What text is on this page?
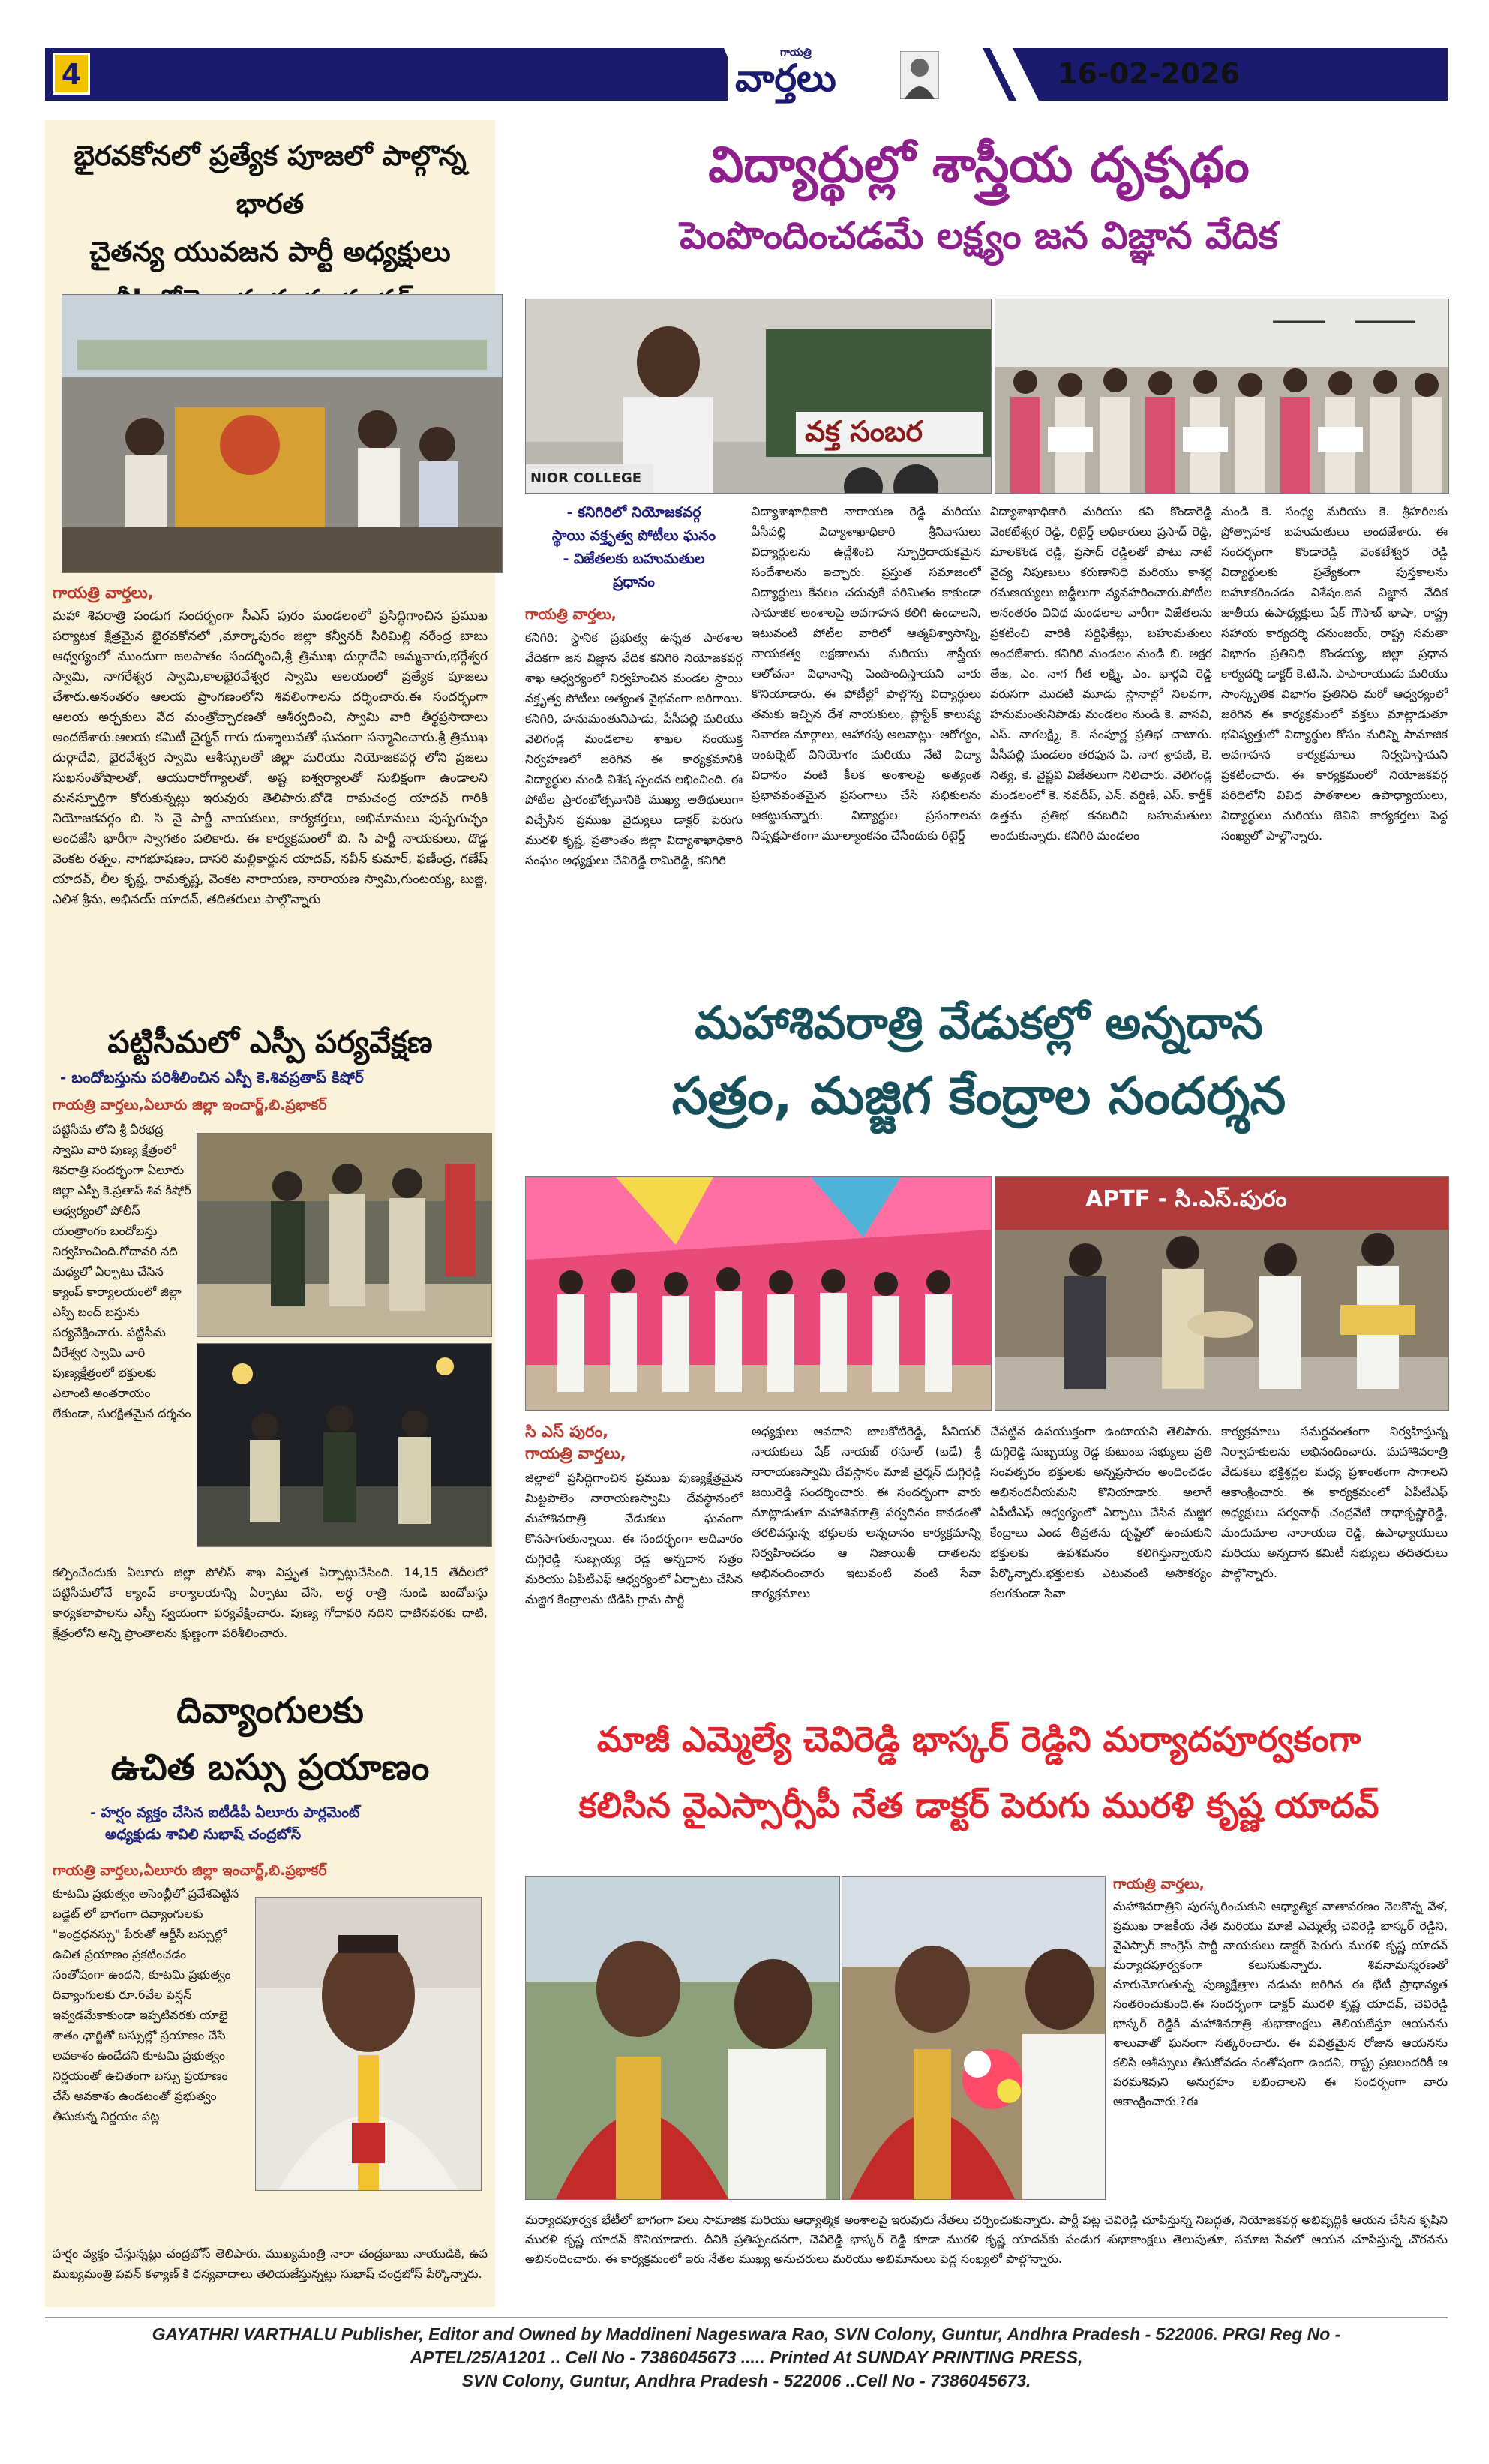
4
గాయత్రి
వార్తలు	16-02-2026
భైరవకోనలో ప్రత్యేక పూజలో పాల్గొన్న భారత
చైతన్య యువజన పార్టీ అధ్యక్షులు
గాయత్రి వార్తలు,
మహా శివరాత్రి పండుగ సందర్భంగా సీఎస్ పురం మండలంలో ప్రసిద్ధిగాంచిన ప్రముఖ పర్యాటక క్షేత్రమైన భైరవకోనలో ,మార్కాపురం జిల్లా కన్వీనర్ సిరిమిల్లి నరేంద్ర బాబు ఆధ్వర్యంలో ముందుగా జలపాతం సందర్శించి,శ్రీ త్రిముఖ దుర్గాదేవి అమ్మవారు,భర్గేశ్వర స్వామి, నాగరేశ్వర స్వామి,కాలభైరవేశ్వర స్వామి ఆలయంలో ప్రత్యేక పూజలు చేశారు.అనంతరం ఆలయ ప్రాంగణంలోని శివలింగాలను దర్శించారు.ఈ సందర్భంగా ఆలయ అర్చకులు వేద మంత్రోచ్చారణతో ఆశీర్వదించి, స్వామి వారి తీర్థప్రసాదాలు అందజేశారు.ఆలయ కమిటీ చైర్మన్ గారు దుశ్శాలువతో ఘనంగా సన్మానించారు.శ్రీ త్రిముఖ దుర్గాదేవి, భైరవేశ్వర స్వామి ఆశీస్సులతో జిల్లా మరియు నియోజకవర్గ లోని ప్రజలు సుఖసంతోషాలతో, ఆయురారోగ్యాలతో, అష్ట ఐశ్వర్యాలతో సుభిక్షంగా ఉండాలని మనస్ఫూర్తిగా కోరుకున్నట్లు ఇరువురు తెలిపారు.బోడె రామచంద్ర యాదవ్ గారికి నియోజకవర్గం బి. సి నై పార్టీ నాయకులు, కార్యకర్తలు, అభిమానులు పుష్పగుచ్ఛం అందజేసి భారీగా స్వాగతం పలికారు. ఈ కార్యక్రమంలో బి. సి పార్టీ నాయకులు, దొడ్డ వెంకట రత్నం, నాగభూషణం, దాసరి మల్లికార్జున యాదవ్, నవీన్ కుమార్, ఫణీంద్ర, గణేష్ యాదవ్, లీల కృష్ణ, రామకృష్ణ, వెంకట నారాయణ, నారాయణ స్వామి,గుంటయ్య, బుజ్జి, ఎలిశ శ్రీను, అభినయ్ యాదవ్, తదితరులు పాల్గొన్నారు
పట్టిసీమలో ఎస్పీ పర్యవేక్షణ
- బందోబస్తును పరిశీలించిన ఎస్పీ కె.శివప్రతాప్ కిషోర్
గాయత్రి వార్తలు,ఏలూరు జిల్లా ఇంచార్జ్,బి.ప్రభాకర్
పట్టిసీమ లోని శ్రీ వీరభద్ర స్వామి వారి పుణ్య క్షేత్రంలో శివరాత్రి సందర్భంగా ఏలూరు జిల్లా ఎస్పీ కె.ప్రతాప్ శివ కిషోర్ ఆధ్వర్యంలో పోలీస్ యంత్రాంగం బందోబస్తు నిర్వహించింది.గోదావరి నది మధ్యలో ఏర్పాటు చేసిన క్యాంప్ కార్యాలయంలో జిల్లా ఎస్పీ బంద్ బస్తును పర్యవేక్షించారు. పట్టిసీమ వీరేశ్వర స్వామి వారి పుణ్యక్షేత్రంలో భక్తులకు ఎలాంటి అంతరాయం లేకుండా, సురక్షితమైన దర్శనం
కల్పించేందుకు ఏలూరు జిల్లా పోలీస్ శాఖ విస్తృత ఏర్పాట్లుచేసింది. 14,15 తేదీలలో పట్టిసీమలోనే క్యాంప్ కార్యాలయాన్ని ఏర్పాటు చేసి, అర్ధ రాత్రి నుండి బందోబస్తు కార్యకలాపాలను ఎస్పీ స్వయంగా పర్యవేక్షించారు. పుణ్య గోదావరి నదిని దాటినవరకు దాటి, క్షేత్రంలోని అన్ని ప్రాంతాలను క్షుణ్ణంగా పరిశీలించారు.
దివ్యాంగులకు
ఉచిత బస్సు ప్రయాణం
- హర్షం వ్యక్తం చేసిన ఐటీడీపీ ఏలూరు పార్లమెంట్
అధ్యక్షుడు శావిలి సుభాష్ చంద్రబోస్
గాయత్రి వార్తలు,ఏలూరు జిల్లా ఇంచార్జ్,బి.ప్రభాకర్
కూటమి ప్రభుత్వం అసెంబ్లీలో ప్రవేశపెట్టిన బడ్జెట్ లో భాగంగా దివ్యాంగులకు "ఇంద్రధనస్సు" పేరుతో ఆర్టీసీ బస్సుల్లో ఉచిత ప్రయాణం ప్రకటించడం సంతోషంగా ఉందని, కూటమి ప్రభుత్వం దివ్యాంగులకు రూ.6వేల పెన్షన్ ఇవ్వడమేకాకుండా ఇప్పటివరకు యాభై శాతం ఛార్జితో బస్సుల్లో ప్రయాణం చేసే అవకాశం ఉండేదని కూటమి ప్రభుత్వం నిర్ణయంతో ఉచితంగా బస్సు ప్రయాణం చేసే అవకాశం ఉండటంతో ప్రభుత్వం తీసుకున్న నిర్ణయం పట్ల
హర్షం వ్యక్తం చేస్తున్నట్లు చంద్రబోస్ తెలిపారు. ముఖ్యమంత్రి నారా చంద్రబాబు నాయుడికి, ఉప ముఖ్యమంత్రి పవన్ కళ్యాణ్ కి ధన్యవాదాలు తెలియజేస్తున్నట్లు సుభాష్ చంద్రబోస్ పేర్కొన్నారు.
విద్యార్థుల్లో శాస్త్రీయ దృక్పథం
పెంపొందించడమే లక్ష్యం జన విజ్ఞాన వేదిక
వక్త సంబర
NIOR COLLEGE
- కనిగిరిలో నియోజకవర్గ
స్థాయి వక్తృత్వ పోటీలు ఘనం
- విజేతలకు బహుమతుల
ప్రధానం
గాయత్రి వార్తలు,
కనిగిరి: స్థానిక ప్రభుత్వ ఉన్నత పాఠశాల వేదికగా జన విజ్ఞాన వేదిక కనిగిరి నియోజకవర్గ శాఖ ఆధ్వర్యంలో నిర్వహించిన మండల స్థాయి వక్తృత్వ పోటీలు అత్యంత వైభవంగా జరిగాయి. కనిగిరి, హనుమంతునిపాడు, పీసీపల్లి మరియు వెలిగండ్ల మండలాల శాఖల సంయుక్త నిర్వహణలో జరిగిన ఈ కార్యక్రమానికి విద్యార్థుల నుండి విశేష స్పందన లభించింది. ఈ పోటీల ప్రారంభోత్సవానికి ముఖ్య అతిథులుగా విచ్చేసిన ప్రముఖ వైద్యులు డాక్టర్ పెరుగు మురళి కృష్ణ, ప్రతాంతం జిల్లా విద్యాశాఖాధికారి సంఘం అధ్యక్షులు చేవిరెడ్డి రామిరెడ్డి, కనిగిరి
విద్యాశాఖాధికారి నారాయణ రెడ్డి మరియు పీసీపల్లి విద్యాశాఖాధికారి శ్రీనివాసులు విద్యార్థులను ఉద్దేశించి స్ఫూర్తిదాయకమైన సందేశాలను ఇచ్చారు. ప్రస్తుత సమాజంలో విద్యార్థులు కేవలం చదువుకే పరిమితం కాకుండా సామాజిక అంశాలపై అవగాహన కలిగి ఉండాలని, ఇటువంటి పోటీల వారిలో ఆత్మవిశ్వాసాన్ని, నాయకత్వ లక్షణాలను మరియు శాస్త్రీయ ఆలోచనా విధానాన్ని పెంపొందిస్తాయని వారు కొనియాడారు. ఈ పోటీల్లో పాల్గొన్న విద్యార్థులు తమకు ఇచ్చిన దేశ నాయకులు, ప్లాస్టిక్ కాలుష్య నివారణ మార్గాలు, ఆహారపు అలవాట్లు- ఆరోగ్యం, ఇంటర్నెట్ వినియోగం మరియు నేటి విద్యా విధానం వంటి కీలక అంశాలపై అత్యంత ప్రభావవంతమైన ప్రసంగాలు చేసి సభికులను ఆకట్టుకున్నారు. విద్యార్థుల ప్రసంగాలను నిష్పక్షపాతంగా మూల్యాంకనం చేసేందుకు రిటైర్డ్
విద్యాశాఖాధికారి మరియు కవి కొండారెడ్డి వెంకటేశ్వర రెడ్డి, రిటైర్డ్ అధికారులు ప్రసాద్ రెడ్డి, మాలకొండ రెడ్డి, ప్రసాద్ రెడ్డిలతో పాటు నాటే వైద్య నిపుణులు కరుణానిధి మరియు కాశర్ల రమణయ్యలు జడ్జీలుగా వ్యవహరించారు.పోటీల అనంతరం వివిధ మండలాల వారీగా విజేతలను ప్రకటించి వారికి సర్టిఫికేట్లు, బహుమతులు అందజేశారు. కనిగిరి మండలం నుండి బి. అక్షర తేజ, ఎం. నాగ గీత లక్ష్మి, ఎం. భార్గవి రెడ్డి వరుసగా మొదటి మూడు స్థానాల్లో నిలవగా, హనుమంతునిపాడు మండలం నుండి కె. వాసవి, ఎస్. నాగలక్ష్మి, కె. సంపూర్ణ ప్రతిభ చాటారు. పీసీపల్లి మండలం తరఫున పి. నాగ శ్రావణి, కె. నిత్య, కె. వైష్ణవి విజేతలుగా నిలిచారు. వెలిగండ్ల మండలంలో కె. నవదీప్, ఎన్. వర్షిణి, ఎస్. కార్తీక్ ఉత్తమ ప్రతిభ కనబరిచి బహుమతులు అందుకున్నారు. కనిగిరి మండలం
నుండి కె. సంధ్య మరియు కె. శ్రీహరిలకు ప్రోత్సాహక బహుమతులు అందజేశారు. ఈ సందర్భంగా కొండారెడ్డి వెంకటేశ్వర రెడ్డి విద్యార్థులకు ప్రత్యేకంగా పుస్తకాలను బహూకరించడం విశేషం.జన విజ్ఞాన వేదిక జాతీయ ఉపాధ్యక్షులు షేక్ గౌసాబ్ భాషా, రాష్ట్ర సహాయ కార్యదర్శి దనుంజయ్, రాష్ట్ర సమతా విభాగం ప్రతినిధి కొండయ్య, జిల్లా ప్రధాన కార్యదర్శి డాక్టర్ కె.టి.సి. పాపారాయుడు మరియు సాంస్కృతిక విభాగం ప్రతినిధి మరో ఆధ్వర్యంలో జరిగిన ఈ కార్యక్రమంలో వక్తలు మాట్లాడుతూ భవిష్యత్తులో విద్యార్థుల కోసం మరిన్ని సామాజిక అవగాహన కార్యక్రమాలు నిర్వహిస్తామని ప్రకటించారు. ఈ కార్యక్రమంలో నియోజకవర్గ పరిధిలోని వివిధ పాఠశాలల ఉపాధ్యాయులు, విద్యార్థులు మరియు జెవివి కార్యకర్తలు పెద్ద సంఖ్యలో పాల్గొన్నారు.
మహాశివరాత్రి వేడుకల్లో అన్నదాన
సత్రం, మజ్జిగ కేంద్రాల సందర్శన
APTF - సి.ఎస్.పురం
సి ఎస్ పురం,
గాయత్రి వార్తలు,
జిల్లాలో ప్రసిద్ధిగాంచిన ప్రముఖ పుణ్యక్షేత్రమైన మిట్టపాలెం నారాయణస్వామి దేవస్థానంలో మహాశివరాత్రి వేడుకలు ఘనంగా కొనసాగుతున్నాయి. ఈ సందర్భంగా ఆదివారం దుగ్గిరెడ్డి సుబ్బయ్య రెడ్డ అన్నదాన సత్రం మరియు ఏపీటీఎఫ్ ఆధ్వర్యంలో ఏర్పాటు చేసిన మజ్జిగ కేంద్రాలను టిడిపి గ్రామ పార్టీ
అధ్యక్షులు ఆవదాని బాలకోటిరెడ్డి, సీనియర్ నాయకులు షేక్ నాయబ్ రసూల్ (బడే) శ్రీ నారాయణస్వామి దేవస్థానం మాజీ ఛైర్మన్ దుగ్గిరెడ్డి జయిరెడ్డి సందర్శించారు. ఈ సందర్భంగా వారు మాట్లాడుతూ మహాశివరాత్రి పర్వదినం కావడంతో తరలివస్తున్న భక్తులకు అన్నదానం కార్యక్రమాన్ని నిర్వహించడం ఆ నిజాయితీ దాతలను అభినందించారు ఇటువంటి వంటి సేవా కార్యక్రమాలు
చేపట్టిన ఉపయుక్తంగా ఉంటాయని తెలిపారు. దుగ్గిరెడ్డి సుబ్బయ్య రెడ్డ కుటుంబ సభ్యులు ప్రతి సంవత్సరం భక్తులకు అన్నప్రసాదం అందించడం అభినందనీయమని కొనియాడారు. అలాగే ఏపీటీఎఫ్ ఆధ్వర్యంలో ఏర్పాటు చేసిన మజ్జిగ కేంద్రాలు ఎండ తీవ్రతను దృష్టిలో ఉంచుకుని భక్తులకు ఉపశమనం కలిగిస్తున్నాయని పేర్కొన్నారు.భక్తులకు ఎటువంటి అసౌకర్యం కలగకుండా సేవా
కార్యక్రమాలు సమర్థవంతంగా నిర్వహిస్తున్న నిర్వాహకులను అభినందించారు. మహాశివరాత్రి వేడుకలు భక్తిశ్రద్ధల మధ్య ప్రశాంతంగా సాగాలని ఆకాంక్షించారు. ఈ కార్యక్రమంలో ఏపీటీఎఫ్ అధ్యక్షులు సర్వనాథ్ చంద్రవేటి రాధాకృష్ణారెడ్డి, మందుమాల నారాయణ రెడ్డి, ఉపాధ్యాయులు మరియు అన్నదాన కమిటీ సభ్యులు తదితరులు పాల్గొన్నారు.
మాజీ ఎమ్మెల్యే చెవిరెడ్డి భాస్కర్ రెడ్డిని మర్యాదపూర్వకంగా
కలిసిన వైఎస్సార్సీపీ నేత డాక్టర్ పెరుగు మురళి కృష్ణ యాదవ్
గాయత్రి వార్తలు,
మహాశివరాత్రిని పురస్కరించుకుని ఆధ్యాత్మిక వాతావరణం నెలకొన్న వేళ, ప్రముఖ రాజకీయ నేత మరియు మాజీ ఎమ్మెల్యే చెవిరెడ్డి భాస్కర్ రెడ్డిని, వైఎస్సార్ కాంగ్రెస్ పార్టీ నాయకులు డాక్టర్ పెరుగు మురళి కృష్ణ యాదవ్ మర్యాదపూర్వకంగా కలుసుకున్నారు. శివనామస్మరణతో మారుమోగుతున్న పుణ్యక్షేత్రాల నడుమ జరిగిన ఈ భేటీ ప్రాధాన్యత సంతరించుకుంది.ఈ సందర్భంగా డాక్టర్ మురళి కృష్ణ యాదవ్, చెవిరెడ్డి భాస్కర్ రెడ్డికి మహాశివరాత్రి శుభాకాంక్షలు తెలియజేస్తూ ఆయనను శాలువాతో ఘనంగా సత్కరించారు. ఈ పవిత్రమైన రోజున ఆయనను కలిసి ఆశీస్సులు తీసుకోవడం సంతోషంగా ఉందని, రాష్ట్ర ప్రజలందరికీ ఆ పరమశివుని అనుగ్రహం లభించాలని ఈ సందర్భంగా వారు ఆకాంక్షించారు.?ఈ
మర్యాదపూర్వక భేటీలో భాగంగా పలు సామాజిక మరియు ఆధ్యాత్మిక అంశాలపై ఇరువురు నేతలు చర్చించుకున్నారు. పార్టీ పట్ల చెవిరెడ్డి చూపిస్తున్న నిబద్ధత, నియోజకవర్గ అభివృద్ధికి ఆయన చేసిన కృషిని మురళి కృష్ణ యాదవ్ కొనియాడారు. దీనికి ప్రతిస్పందనగా, చెవిరెడ్డి భాస్కర్ రెడ్డి కూడా మురళి కృష్ణ యాదవ్‌కు పండుగ శుభాకాంక్షలు తెలుపుతూ, సమాజ సేవలో ఆయన చూపిస్తున్న చొరవను అభినందించారు. ఈ కార్యక్రమంలో ఇరు నేతల ముఖ్య అనుచరులు మరియు అభిమానులు పెద్ద సంఖ్యలో పాల్గొన్నారు.
GAYATHRI VARTHALU Publisher, Editor and Owned by Maddineni Nageswara Rao, SVN Colony, Guntur, Andhra Pradesh - 522006. PRGI Reg No -
APTEL/25/A1201 .. Cell No - 7386045673 ..... Printed At SUNDAY PRINTING PRESS,
SVN Colony, Guntur, Andhra Pradesh - 522006 ..Cell No - 7386045673.
